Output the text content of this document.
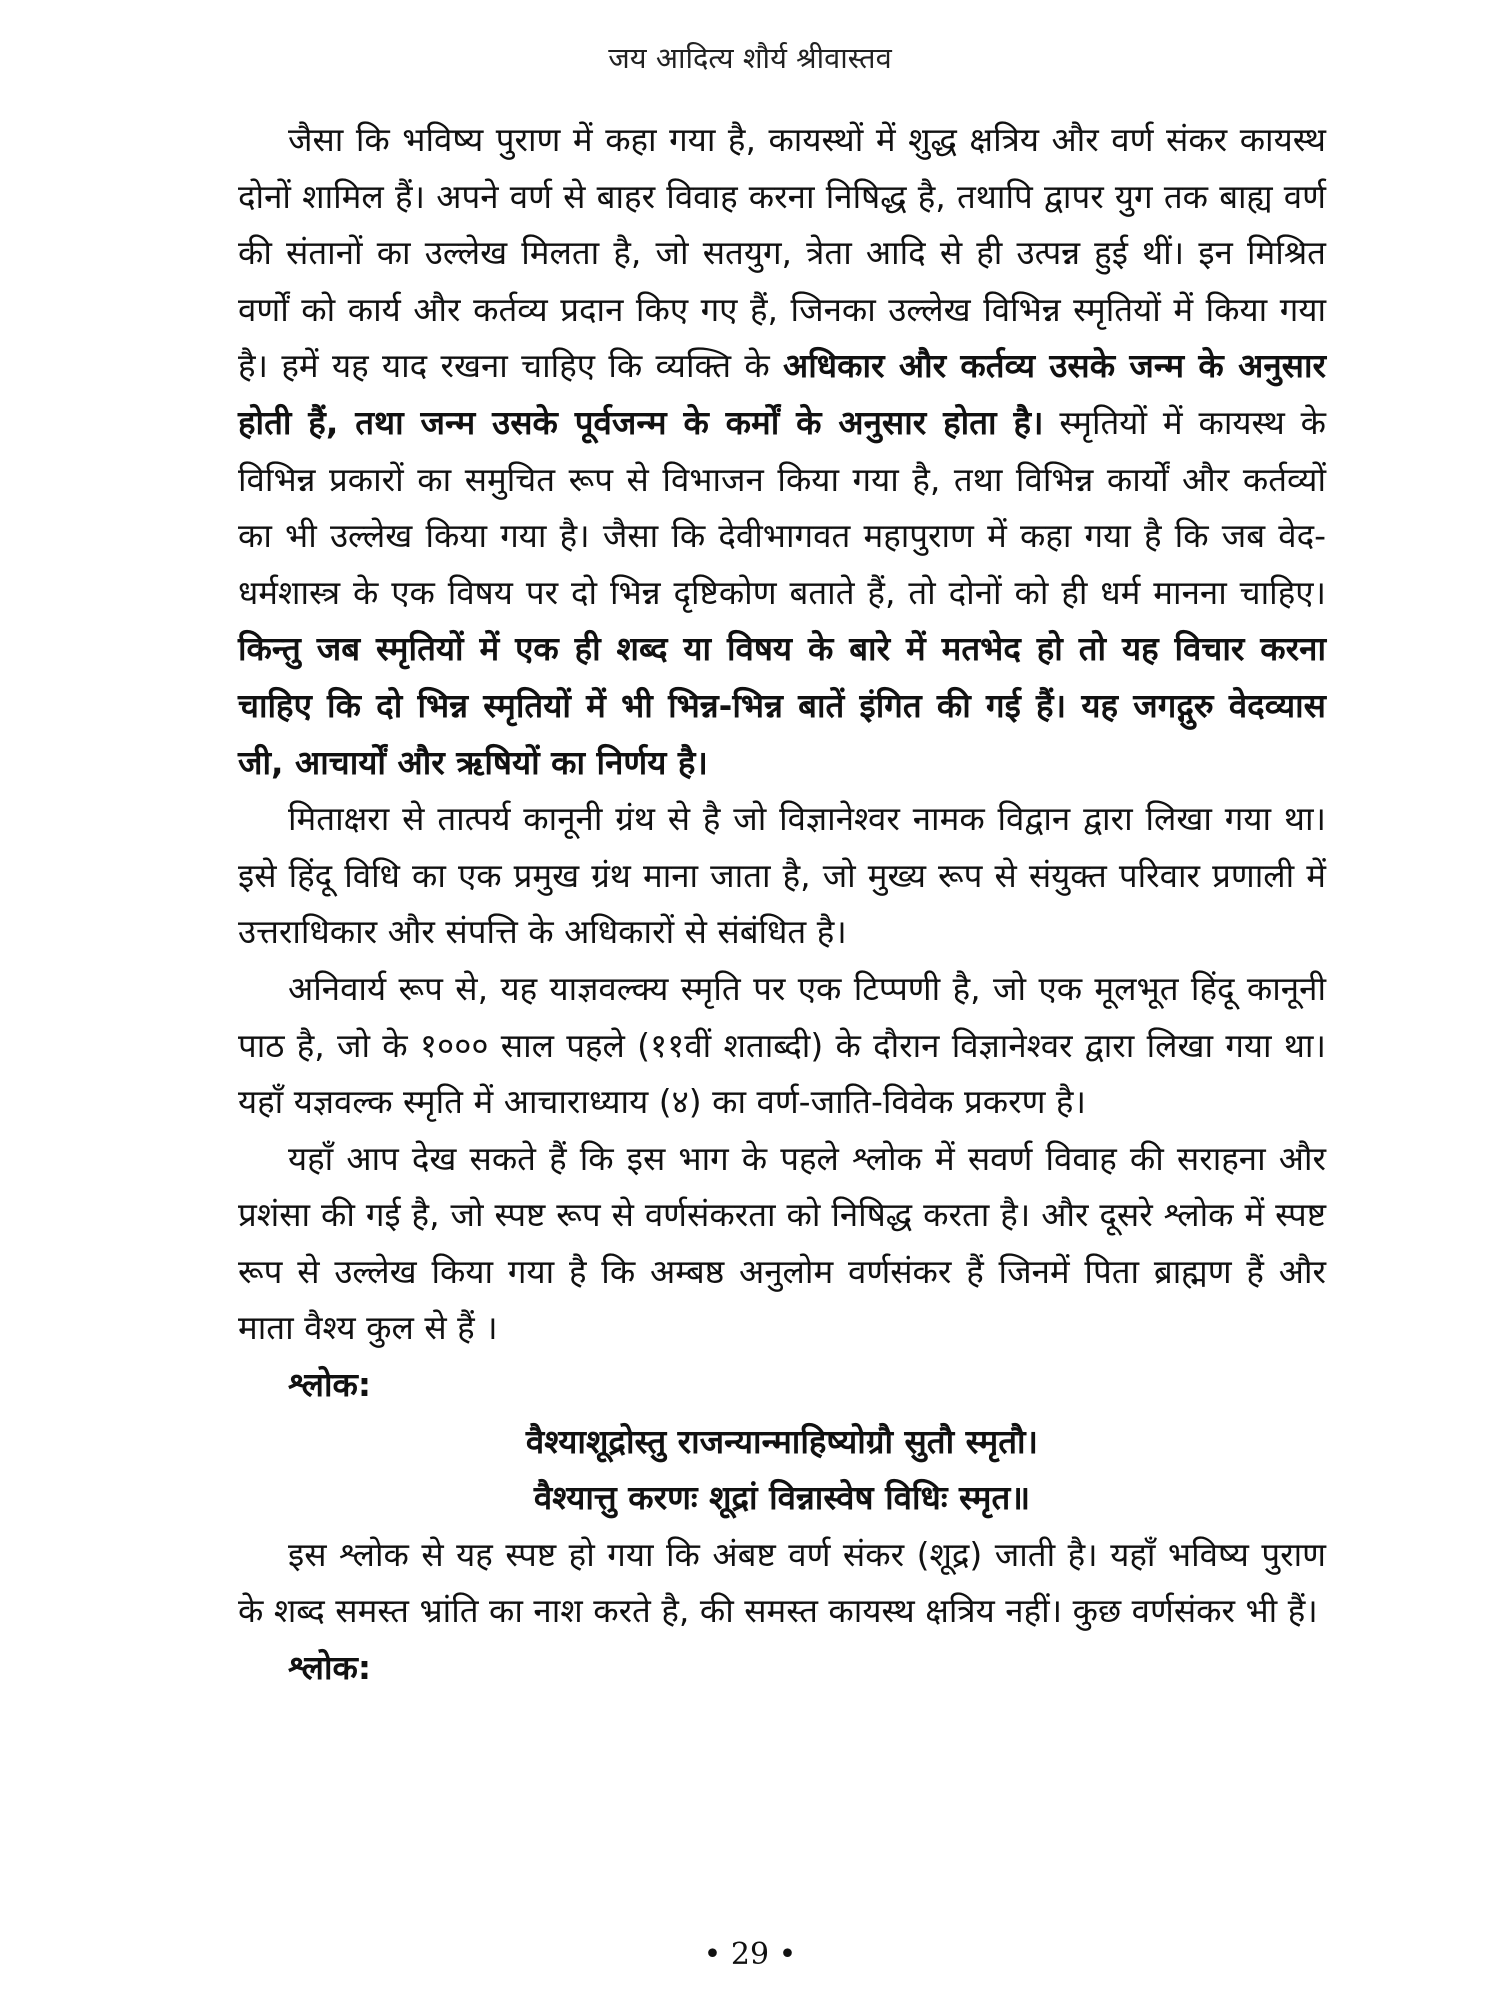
जय आदित्य शौर्य श्रीवास्तव

जैसा कि भविष्य पुराण में कहा गया है, कायस्थों में शुद्ध क्षत्रिय और वर्ण संकर कायस्थ दोनों शामिल हैं। अपने वर्ण से बाहर विवाह करना निषिद्ध है, तथापि द्वापर युग तक बाह्य वर्ण की संतानों का उल्लेख मिलता है, जो सतयुग, त्रेता आदि से ही उत्पन्न हुई थीं। इन मिश्रित वर्णों को कार्य और कर्तव्य प्रदान किए गए हैं, जिनका उल्लेख विभिन्न स्मृतियों में किया गया है। हमें यह याद रखना चाहिए कि व्यक्ति के अधिकार और कर्तव्य उसके जन्म के अनुसार होती हैं, तथा जन्म उसके पूर्वजन्म के कर्मों के अनुसार होता है। स्मृतियों में कायस्थ के विभिन्न प्रकारों का समुचित रूप से विभाजन किया गया है, तथा विभिन्न कार्यों और कर्तव्यों का भी उल्लेख किया गया है। जैसा कि देवीभागवत महापुराण में कहा गया है कि जब वेद-धर्मशास्त्र के एक विषय पर दो भिन्न दृष्टिकोण बताते हैं, तो दोनों को ही धर्म मानना चाहिए। किन्तु जब स्मृतियों में एक ही शब्द या विषय के बारे में मतभेद हो तो यह विचार करना चाहिए कि दो भिन्न स्मृतियों में भी भिन्न-भिन्न बातें इंगित की गई हैं। यह जगद्गुरु वेदव्यास जी, आचार्यों और ऋषियों का निर्णय है।

मिताक्षरा से तात्पर्य कानूनी ग्रंथ से है जो विज्ञानेश्वर नामक विद्वान द्वारा लिखा गया था। इसे हिंदू विधि का एक प्रमुख ग्रंथ माना जाता है, जो मुख्य रूप से संयुक्त परिवार प्रणाली में उत्तराधिकार और संपत्ति के अधिकारों से संबंधित है।

अनिवार्य रूप से, यह याज्ञवल्क्य स्मृति पर एक टिप्पणी है, जो एक मूलभूत हिंदू कानूनी पाठ है, जो के १००० साल पहले (११वीं शताब्दी) के दौरान विज्ञानेश्वर द्वारा लिखा गया था। यहाँ यज्ञवल्क स्मृति में आचाराध्याय (४) का वर्ण-जाति-विवेक प्रकरण है।

यहाँ आप देख सकते हैं कि इस भाग के पहले श्लोक में सवर्ण विवाह की सराहना और प्रशंसा की गई है, जो स्पष्ट रूप से वर्णसंकरता को निषिद्ध करता है। और दूसरे श्लोक में स्पष्ट रूप से उल्लेख किया गया है कि अम्बष्ठ अनुलोम वर्णसंकर हैं जिनमें पिता ब्राह्मण हैं और माता वैश्य कुल से हैं ।

श्लोक:

वैश्याशूद्रोस्तु राजन्यान्माहिष्योग्रौ सुतौ स्मृतौ।

वैश्यात्तु करणः शूद्रां विन्नास्वेष विधिः स्मृत॥

इस श्लोक से यह स्पष्ट हो गया कि अंबष्ट वर्ण संकर (शूद्र) जाती है। यहाँ भविष्य पुराण के शब्द समस्त भ्रांति का नाश करते है, की समस्त कायस्थ क्षत्रिय नहीं। कुछ वर्णसंकर भी हैं।

श्लोक:

• 29 •
